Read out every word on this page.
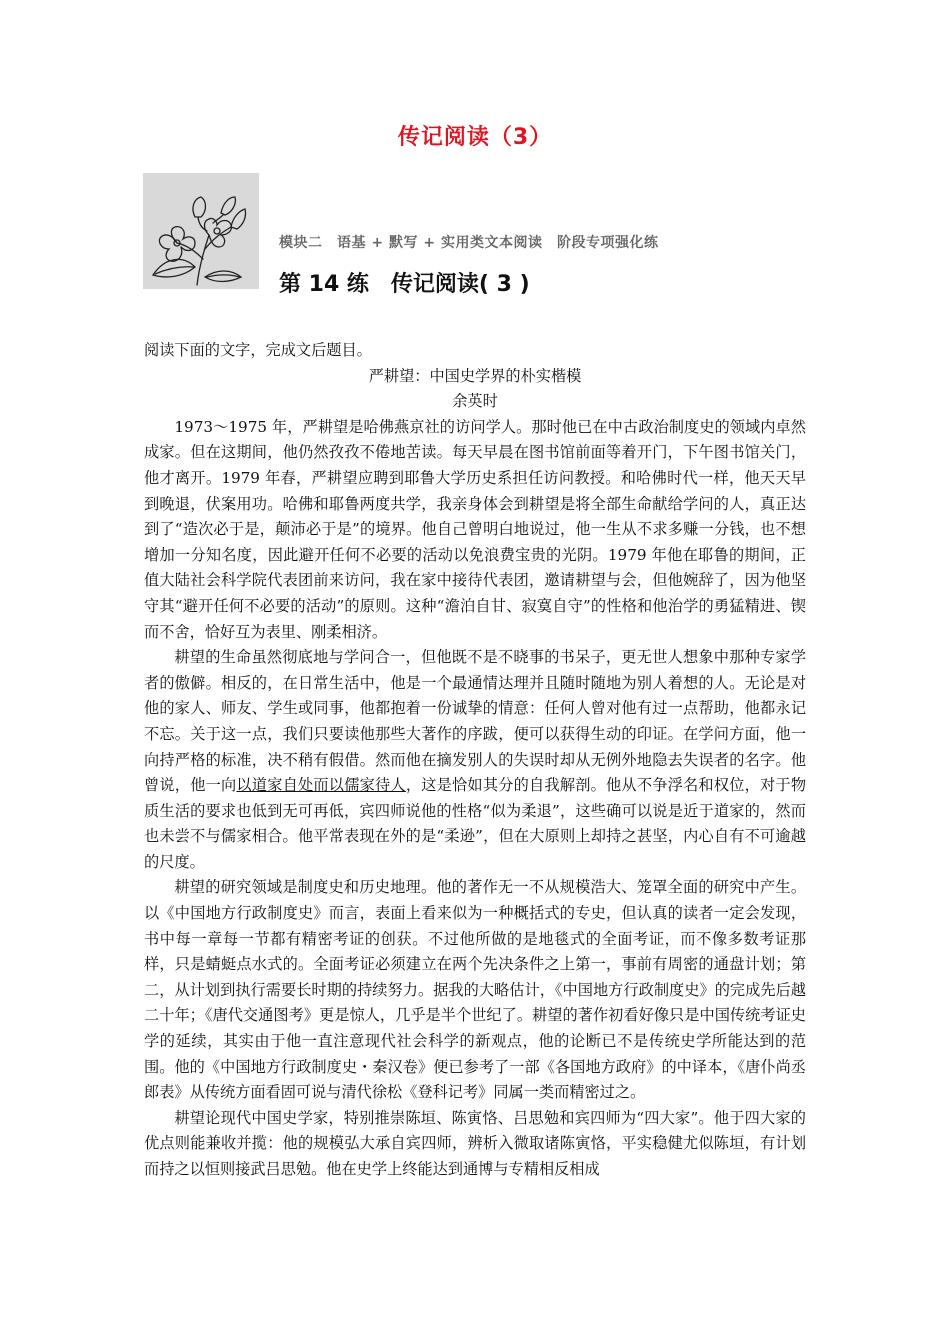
传记阅读（3）
模块二　语基 + 默写 + 实用类文本阅读　阶段专项强化练
第 14 练　传记阅读( 3 )

阅读下面的文字，完成文后题目。

严耕望：中国史学界的朴实楷模

余英时

1973～1975 年，严耕望是哈佛燕京社的访问学人。那时他已在中古政治制度史的领域内卓然成家。但在这期间，他仍然孜孜不倦地苦读。每天早晨在图书馆前面等着开门，下午图书馆关门，他才离开。1979 年春，严耕望应聘到耶鲁大学历史系担任访问教授。和哈佛时代一样，他天天早到晚退，伏案用功。哈佛和耶鲁两度共学，我亲身体会到耕望是将全部生命献给学问的人，真正达到了“造次必于是，颠沛必于是”的境界。他自己曾明白地说过，他一生从不求多赚一分钱，也不想增加一分知名度，因此避开任何不必要的活动以免浪费宝贵的光阴。1979 年他在耶鲁的期间，正值大陆社会科学院代表团前来访问，我在家中接待代表团，邀请耕望与会，但他婉辞了，因为他坚守其“避开任何不必要的活动”的原则。这种“澹泊自甘、寂寞自守”的性格和他治学的勇猛精进、锲而不舍，恰好互为表里、刚柔相济。

耕望的生命虽然彻底地与学问合一，但他既不是不晓事的书呆子，更无世人想象中那种专家学者的傲僻。相反的，在日常生活中，他是一个最通情达理并且随时随地为别人着想的人。无论是对他的家人、师友、学生或同事，他都抱着一份诚挚的情意：任何人曾对他有过一点帮助，他都永记不忘。关于这一点，我们只要读他那些大著作的序跋，便可以获得生动的印证。在学问方面，他一向持严格的标准，决不稍有假借。然而他在摘发别人的失误时却从无例外地隐去失误者的名字。他曾说，他一向以道家自处而以儒家待人，这是恰如其分的自我解剖。他从不争浮名和权位，对于物质生活的要求也低到无可再低，宾四师说他的性格“似为柔退”，这些确可以说是近于道家的，然而也未尝不与儒家相合。他平常表现在外的是“柔逊”，但在大原则上却持之甚坚，内心自有不可逾越的尺度。

耕望的研究领域是制度史和历史地理。他的著作无一不从规模浩大、笼罩全面的研究中产生。以《中国地方行政制度史》而言，表面上看来似为一种概括式的专史，但认真的读者一定会发现，书中每一章每一节都有精密考证的创获。不过他所做的是地毯式的全面考证，而不像多数考证那样，只是蜻蜓点水式的。全面考证必须建立在两个先决条件之上第一，事前有周密的通盘计划；第二，从计划到执行需要长时期的持续努力。据我的大略估计，《中国地方行政制度史》的完成先后越二十年；《唐代交通图考》更是惊人，几乎是半个世纪了。耕望的著作初看好像只是中国传统考证史学的延续，其实由于他一直注意现代社会科学的新观点，他的论断已不是传统史学所能达到的范围。他的《中国地方行政制度史・秦汉卷》便已参考了一部《各国地方政府》的中译本，《唐仆尚丞郎表》从传统方面看固可说与清代徐松《登科记考》同属一类而精密过之。

耕望论现代中国史学家，特别推崇陈垣、陈寅恪、吕思勉和宾四师为“四大家”。他于四大家的优点则能兼收并揽：他的规模弘大承自宾四师，辨析入微取诸陈寅恪，平实稳健尤似陈垣，有计划而持之以恒则接武吕思勉。他在史学上终能达到通博与专精相反相成
